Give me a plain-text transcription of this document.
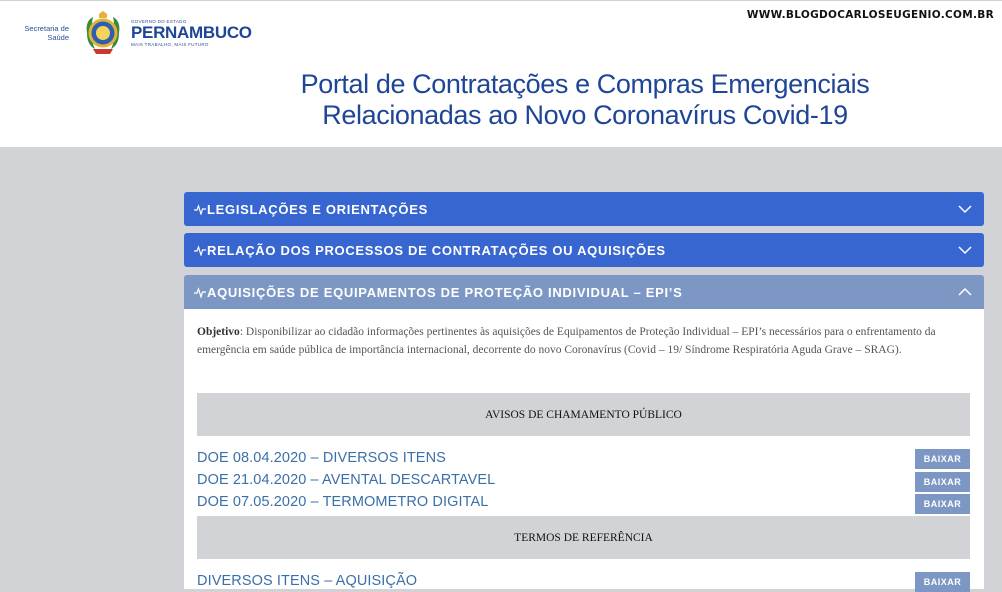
WWW.BLOGDOCARLOSEUGENIO.COM.BR
Secretaria de Saúde
GOVERNO DO ESTADO
PERNAMBUCO
MAIS TRABALHO, MAIS FUTURO
Portal de Contratações e Compras Emergenciais
Relacionadas ao Novo Coronavírus Covid-19
LEGISLAÇÕES E ORIENTAÇÕES
RELAÇÃO DOS PROCESSOS DE CONTRATAÇÕES OU AQUISIÇÕES
AQUISIÇÕES DE EQUIPAMENTOS DE PROTEÇÃO INDIVIDUAL – EPI’S
Objetivo: Disponibilizar ao cidadão informações pertinentes às aquisições de Equipamentos de Proteção Individual – EPI’s necessários para o enfrentamento da emergência em saúde pública de importância internacional, decorrente do novo Coronavírus (Covid – 19/ Síndrome Respiratória Aguda Grave – SRAG).
AVISOS DE CHAMAMENTO PÚBLICO
DOE 08.04.2020 – DIVERSOS ITENS	BAIXAR
DOE 21.04.2020 – AVENTAL DESCARTAVEL	BAIXAR
DOE 07.05.2020 – TERMOMETRO DIGITAL	BAIXAR
TERMOS DE REFERÊNCIA
DIVERSOS ITENS – AQUISIÇÃO	BAIXAR
